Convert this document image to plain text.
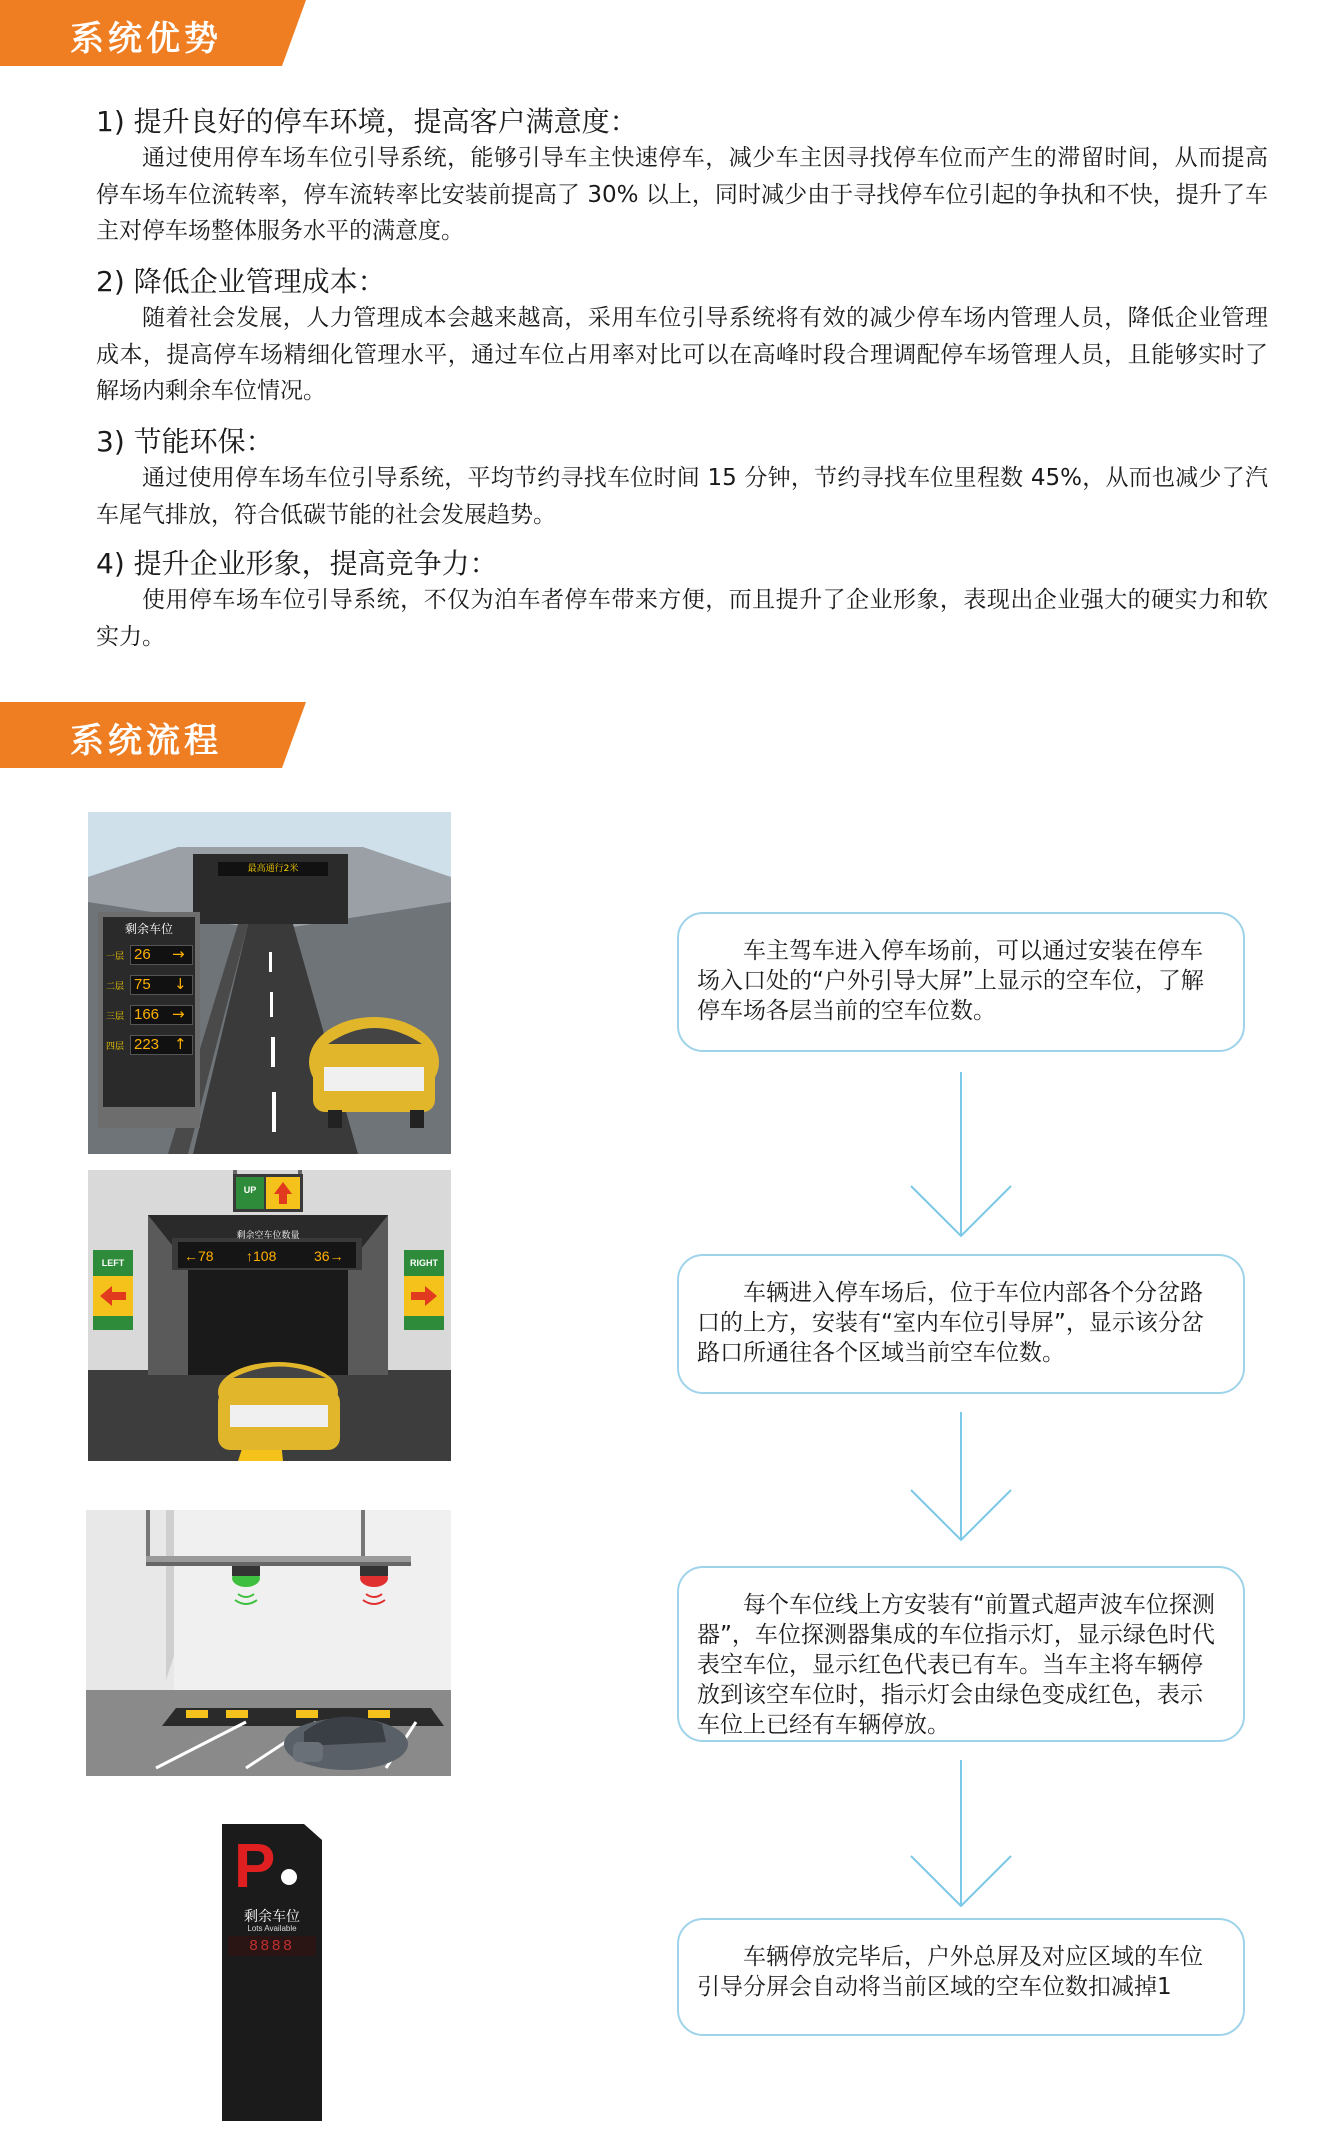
系统优势
1) 提升良好的停车环境，提高客户满意度：

通过使用停车场车位引导系统，能够引导车主快速停车，减少车主因寻找停车位而产生的滞留时间，从而提高停车场车位流转率，停车流转率比安装前提高了 30% 以上，同时减少由于寻找停车位引起的争执和不快，提升了车主对停车场整体服务水平的满意度。

2) 降低企业管理成本：

随着社会发展，人力管理成本会越来越高，采用车位引导系统将有效的减少停车场内管理人员，降低企业管理成本，提高停车场精细化管理水平，通过车位占用率对比可以在高峰时段合理调配停车场管理人员，且能够实时了解场内剩余车位情况。

3) 节能环保：

通过使用停车场车位引导系统，平均节约寻找车位时间 15 分钟，节约寻找车位里程数 45%，从而也减少了汽车尾气排放，符合低碳节能的社会发展趋势。

4) 提升企业形象，提高竞争力：

使用停车场车位引导系统，不仅为泊车者停车带来方便，而且提升了企业形象，表现出企业强大的硬实力和软实力。

系统流程
最高通行2米
剩余车位
一层 26	→
二层 75	↓
三层 166 →
四层 223 ↑
UP
LEFT	RIGHT
剩余空车位数量
←78 ↑108	36→
P
剩余车位
Lots Available
8888

车主驾车进入停车场前，可以通过安装在停车场入口处的“户外引导大屏”上显示的空车位，了解停车场各层当前的空车位数。

车辆进入停车场后，位于车位内部各个分岔路口的上方，安装有“室内车位引导屏”，显示该分岔路口所通往各个区域当前空车位数。

每个车位线上方安装有“前置式超声波车位探测器”，车位探测器集成的车位指示灯，显示绿色时代表空车位，显示红色代表已有车。当车主将车辆停放到该空车位时，指示灯会由绿色变成红色，表示车位上已经有车辆停放。

车辆停放完毕后，户外总屏及对应区域的车位引导分屏会自动将当前区域的空车位数扣减掉1
